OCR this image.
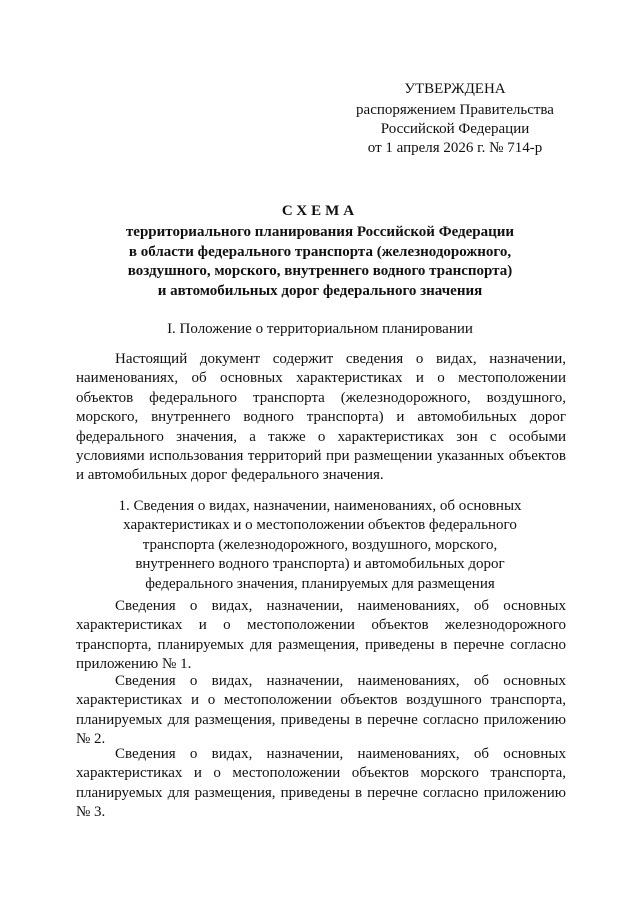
УТВЕРЖДЕНА
распоряжением Правительства
Российской Федерации
от 1 апреля 2026 г. № 714-р
СХЕМА
территориального планирования Российской Федерации
в области федерального транспорта (железнодорожного,
воздушного, морского, внутреннего водного транспорта)
и автомобильных дорог федерального значения
I. Положение о территориальном планировании

Настоящий документ содержит сведения о видах, назначении, наименованиях, об основных характеристиках и о местоположении объектов федерального транспорта (железнодорожного, воздушного, морского, внутреннего водного транспорта) и автомобильных дорог федерального значения, а также о характеристиках зон с особыми условиями использования территорий при размещении указанных объектов и автомобильных дорог федерального значения.

1. Сведения о видах, назначении, наименованиях, об основных
характеристиках и о местоположении объектов федерального
транспорта (железнодорожного, воздушного, морского,
внутреннего водного транспорта) и автомобильных дорог
федерального значения, планируемых для размещения

Сведения о видах, назначении, наименованиях, об основных характеристиках и о местоположении объектов железнодорожного транспорта, планируемых для размещения, приведены в перечне согласно приложению № 1.

Сведения о видах, назначении, наименованиях, об основных характеристиках и о местоположении объектов воздушного транспорта, планируемых для размещения, приведены в перечне согласно приложению № 2.

Сведения о видах, назначении, наименованиях, об основных характеристиках и о местоположении объектов морского транспорта, планируемых для размещения, приведены в перечне согласно приложению № 3.
